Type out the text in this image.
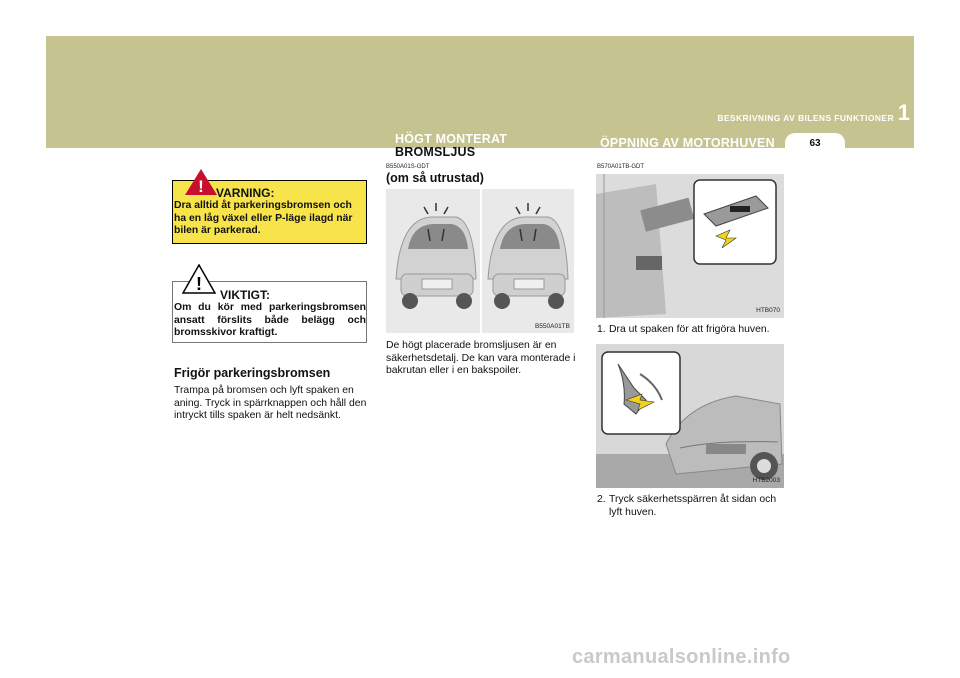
BESKRIVNING AV BILENS FUNKTIONER 1
HÖGT MONTERAT
BROMSLJUS
ÖPPNING AV MOTORHUVEN	63
! VARNING:
Dra alltid åt parkeringsbromsen och ha en låg växel eller P-läge ilagd när bilen är parkerad.
!
VIKTIGT:
Om du kör med parkeringsbromsen ansatt förslits både belägg och bromsskivor kraftigt.
Frigör parkeringsbromsen
Trampa på bromsen och lyft spaken en aning. Tryck in spärrknappen och håll den intryckt tills spaken är helt nedsänkt.
B550A01S-GDT
(om så utrustad)
B550A01TB
De högt placerade bromsljusen är en säkerhetsdetalj. De kan vara monterade i bakrutan eller i en bakspoiler.
B570A01TB-GDT
HTB070
1. Dra ut spaken för att frigöra huven.
HTB2003
2. Tryck säkerhetsspärren åt sidan och
lyft huven.
carmanualsonline.info
